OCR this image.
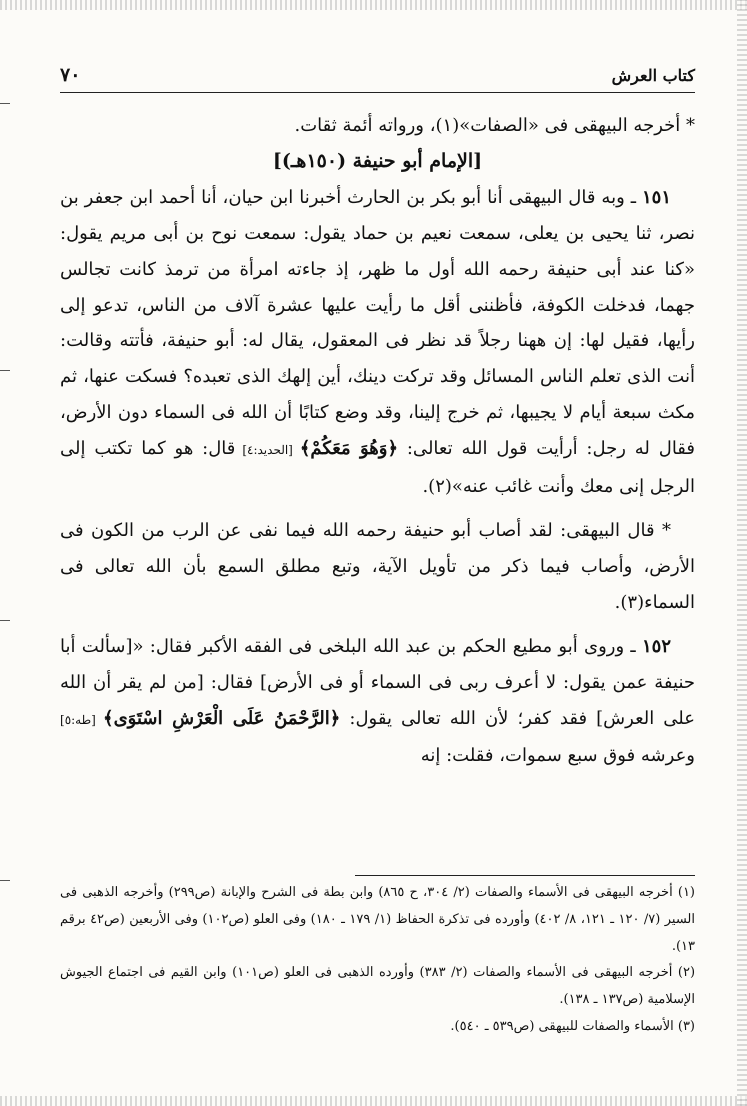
كتاب العرش
٧٠

* أخرجه البيهقى فى «الصفات»(١)، ورواته أئمة ثقات.

[الإمام أبو حنيفة (١٥٠هـ)]

١٥١ ـ وبه قال البيهقى أنا أبو بكر بن الحارث أخبرنا ابن حيان، أنا أحمد ابن جعفر بن نصر، ثنا يحيى بن يعلى، سمعت نعيم بن حماد يقول: سمعت نوح بن أبى مريم يقول: «كنا عند أبى حنيفة رحمه الله أول ما ظهر، إذ جاءته امرأة من ترمذ كانت تجالس جهما، فدخلت الكوفة، فأظننى أقل ما رأيت عليها عشرة آلاف من الناس، تدعو إلى رأيها، فقيل لها: إن ههنا رجلاً قد نظر فى المعقول، يقال له: أبو حنيفة، فأتته وقالت: أنت الذى تعلم الناس المسائل وقد تركت دينك، أين إلهك الذى تعبده؟ فسكت عنها، ثم مكث سبعة أيام لا يجيبها، ثم خرج إلينا، وقد وضع كتابًا أن الله فى السماء دون الأرض، فقال له رجل: أرأيت قول الله تعالى: ﴿وَهُوَ مَعَكُمْ﴾ [الحديد:٤] قال: هو كما تكتب إلى الرجل إنى معك وأنت غائب عنه»(٢).

* قال البيهقى: لقد أصاب أبو حنيفة رحمه الله فيما نفى عن الرب من الكون فى الأرض، وأصاب فيما ذكر من تأويل الآية، وتبع مطلق السمع بأن الله تعالى فى السماء(٣).

١٥٢ ـ وروى أبو مطيع الحكم بن عبد الله البلخى فى الفقه الأكبر فقال: «[سألت أبا حنيفة عمن يقول: لا أعرف ربى فى السماء أو فى الأرض] فقال: [من لم يقر أن الله على العرش] فقد كفر؛ لأن الله تعالى يقول: ﴿الرَّحْمَنُ عَلَى الْعَرْشِ اسْتَوَى﴾ [طه:٥] وعرشه فوق سبع سموات، فقلت: إنه

(١) أخرجه البيهقى فى الأسماء والصفات (٢/ ٣٠٤، ح ٨٦٥) وابن بطة فى الشرح والإبانة (ص٢٩٩) وأخرجه الذهبى فى السير (٧/ ١٢٠ ـ ١٢١، ٨/ ٤٠٢) وأورده فى تذكرة الحفاظ (١/ ١٧٩ ـ ١٨٠) وفى العلو (ص١٠٢) وفى الأربعين (ص٤٢ برقم ١٣).

(٢) أخرجه البيهقى فى الأسماء والصفات (٢/ ٣٨٣) وأورده الذهبى فى العلو (ص١٠١) وابن القيم فى اجتماع الجيوش الإسلامية (ص١٣٧ ـ ١٣٨).

(٣) الأسماء والصفات للبيهقى (ص٥٣٩ ـ ٥٤٠).
